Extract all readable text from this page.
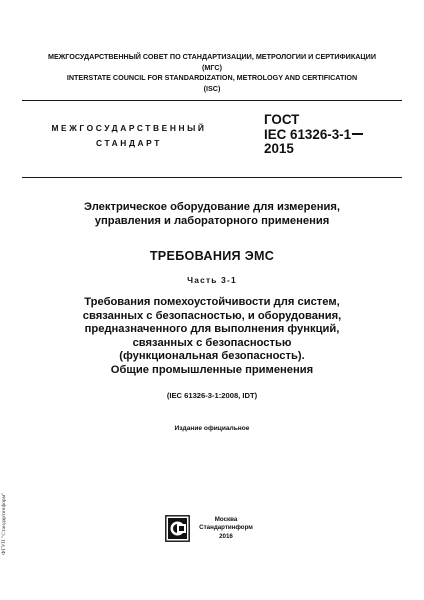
МЕЖГОСУДАРСТВЕННЫЙ СОВЕТ ПО СТАНДАРТИЗАЦИИ, МЕТРОЛОГИИ И СЕРТИФИКАЦИИ
(МГС)
INTERSTATE COUNCIL FOR STANDARDIZATION, METROLOGY AND CERTIFICATION
(ISC)
МЕЖГОСУДАРСТВЕННЫЙ
СТАНДАРТ
ГОСТ
IEC 61326-3-1
2015
Электрическое оборудование для измерения,
управления и лабораторного применения
ТРЕБОВАНИЯ ЭМС
Часть 3-1
Требования помехоустойчивости для систем,
связанных с безопасностью, и оборудования,
предназначенного для выполнения функций,
связанных с безопасностью
(функциональная безопасность).
Общие промышленные применения
(IEC 61326-3-1:2008, IDT)
Издание официальное
Москва
Стандартинформ
2016
ФГУП "Стандартинформ"
